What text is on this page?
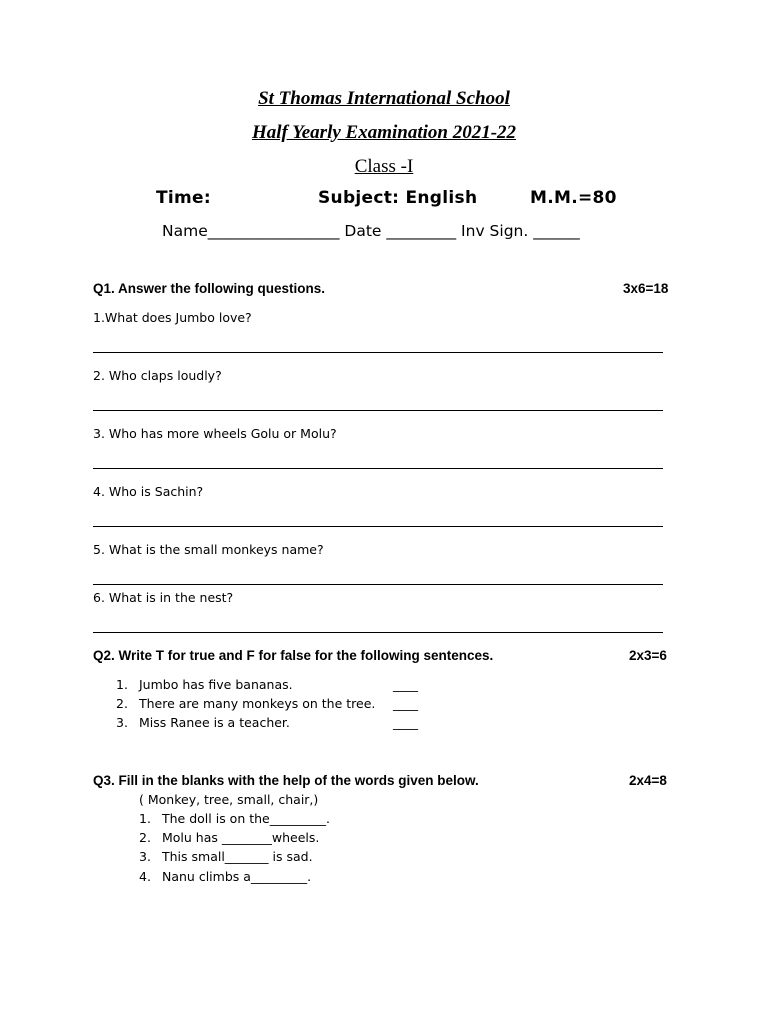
St Thomas International School
Half Yearly Examination 2021-22
Class -I
Time:	Subject: English	M.M.=80
Name_________________ Date _________ Inv Sign. ______
Q1. Answer the following questions.	3x6=18
1.What does Jumbo love?
2. Who claps loudly?
3. Who has more wheels Golu or Molu?
4. Who is Sachin?
5. What is the small monkeys name?
6. What is in the nest?
Q2. Write T for true and F for false for the following sentences.	2x3=6
1. Jumbo has five bananas.	____
2. There are many monkeys on the tree. ____
3. Miss Ranee is a teacher.	____
Q3. Fill in the blanks with the help of the words given below.	2x4=8
( Monkey, tree, small, chair,)
1. The doll is on the_________.
2. Molu has ________wheels.
3. This small_______ is sad.
4. Nanu climbs a_________.
